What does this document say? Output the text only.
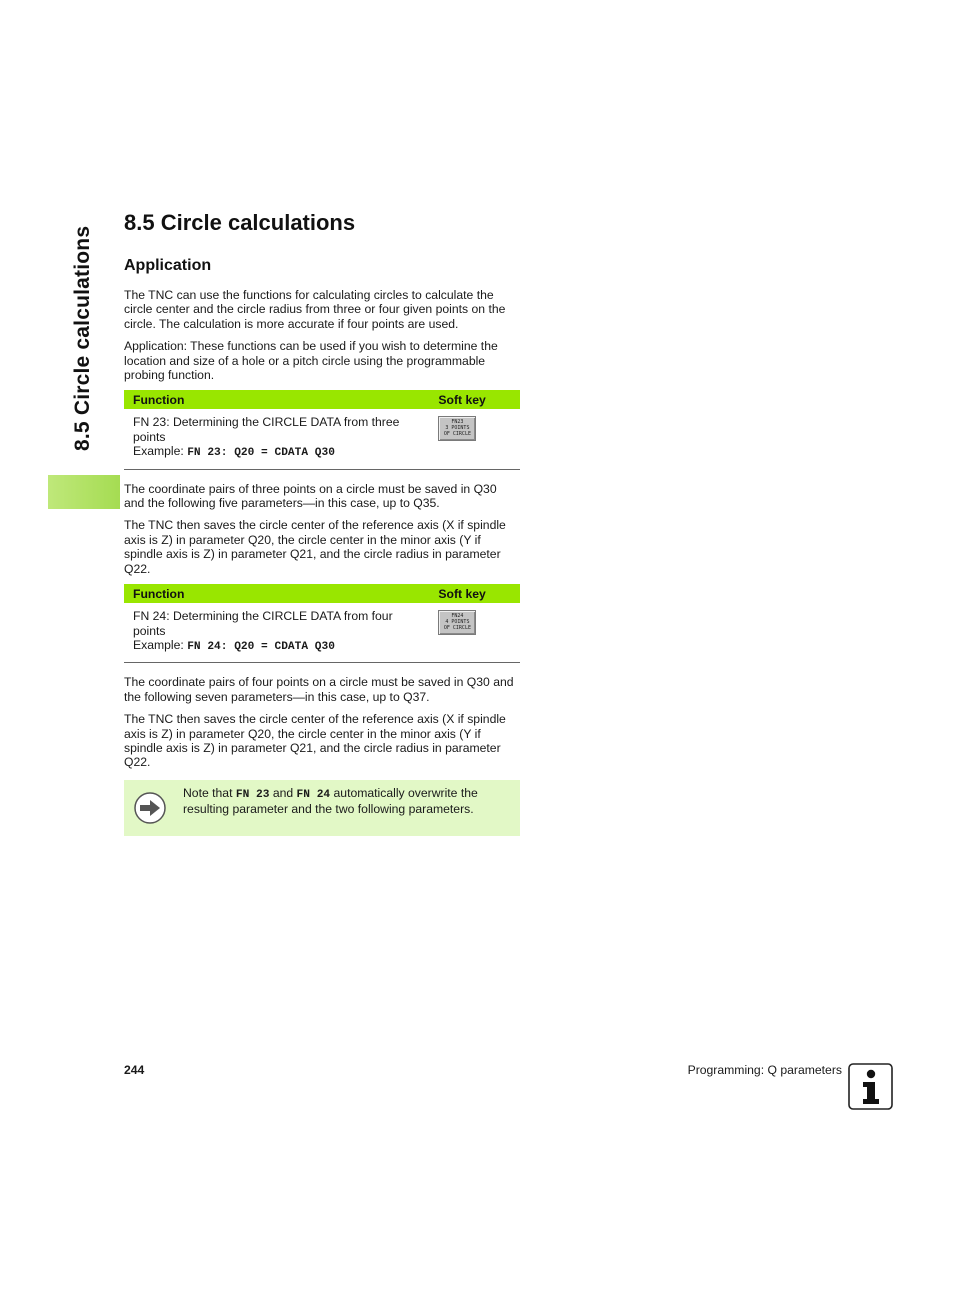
8.5 Circle calculations
8.5 Circle calculations
Application

The TNC can use the functions for calculating circles to calculate the circle center and the circle radius from three or four given points on the circle. The calculation is more accurate if four points are used.

Application: These functions can be used if you wish to determine the location and size of a hole or a pitch circle using the programmable probing function.

Function	Soft key
FN 23: Determining the CIRCLE DATA from three points
Example: FN 23: Q20 = CDATA Q30	FN23
3 POINTS
OF CIRCLE

The coordinate pairs of three points on a circle must be saved in Q30 and the following five parameters—in this case, up to Q35.

The TNC then saves the circle center of the reference axis (X if spindle axis is Z) in parameter Q20, the circle center in the minor axis (Y if spindle axis is Z) in parameter Q21, and the circle radius in parameter Q22.

Function	Soft key
FN 24: Determining the CIRCLE DATA from four points
Example: FN 24: Q20 = CDATA Q30	FN24
4 POINTS
OF CIRCLE

The coordinate pairs of four points on a circle must be saved in Q30 and the following seven parameters—in this case, up to Q37.

The TNC then saves the circle center of the reference axis (X if spindle axis is Z) in parameter Q20, the circle center in the minor axis (Y if spindle axis is Z) in parameter Q21, and the circle radius in parameter Q22.

Note that FN 23 and FN 24 automatically overwrite the resulting parameter and the two following parameters.
244	Programming: Q parameters
